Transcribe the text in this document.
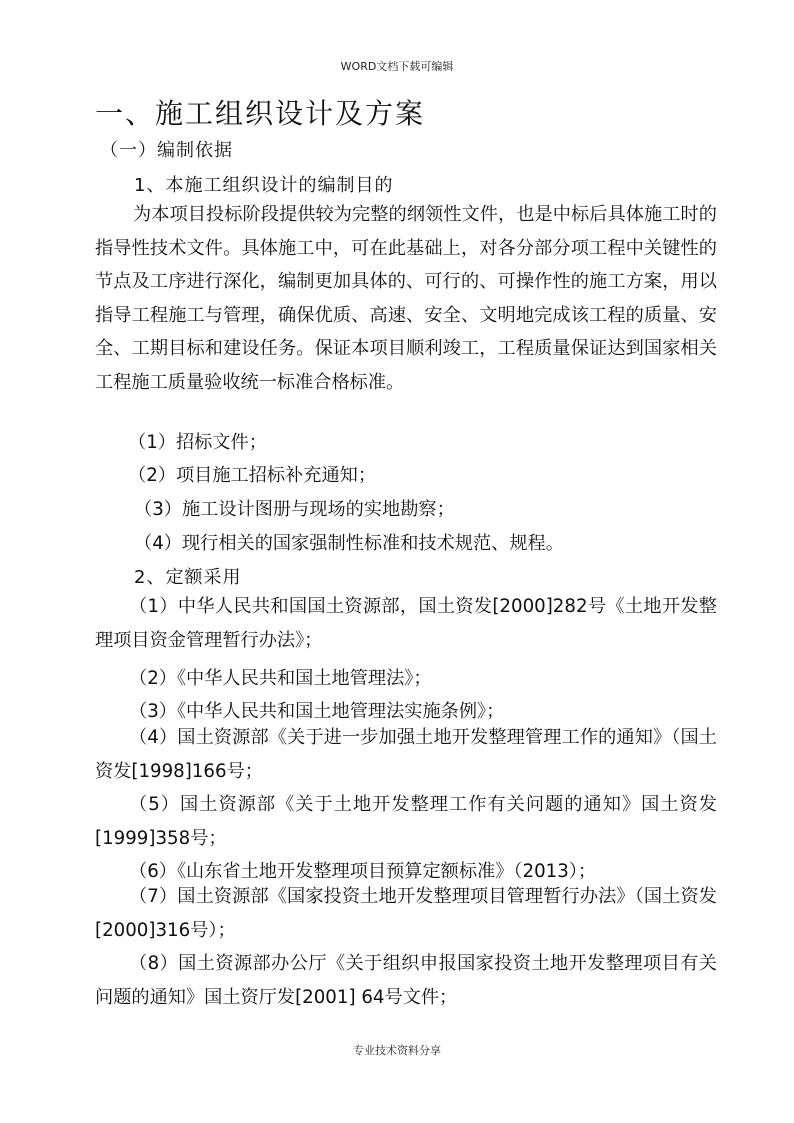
WORD文档下载可编辑
一、施工组织设计及方案
（一）编制依据
1、本施工组织设计的编制目的
为本项目投标阶段提供较为完整的纲领性文件，也是中标后具体施工时的指导性技术文件。具体施工中，可在此基础上，对各分部分项工程中关键性的节点及工序进行深化，编制更加具体的、可行的、可操作性的施工方案，用以指导工程施工与管理，确保优质、高速、安全、文明地完成该工程的质量、安全、工期目标和建设任务。保证本项目顺利竣工，工程质量保证达到国家相关工程施工质量验收统一标准合格标准。
（1）招标文件；
（2）项目施工招标补充通知；
（3）施工设计图册与现场的实地勘察；
（4）现行相关的国家强制性标准和技术规范、规程。
2、定额采用
（1）中华人民共和国国土资源部，国土资发[2000]282号《土地开发整理项目资金管理暂行办法》；
（2）《中华人民共和国土地管理法》；
（3）《中华人民共和国土地管理法实施条例》；
（4）国土资源部《关于进一步加强土地开发整理管理工作的通知》（国土资发[1998]166号；
（5）国土资源部《关于土地开发整理工作有关问题的通知》国土资发[1999]358号；
（6）《山东省土地开发整理项目预算定额标准》（2013）；
（7）国土资源部《国家投资土地开发整理项目管理暂行办法》（国土资发[2000]316号）；
（8）国土资源部办公厅《关于组织申报国家投资土地开发整理项目有关问题的通知》国土资厅发[2001] 64号文件；
专业技术资料分享
